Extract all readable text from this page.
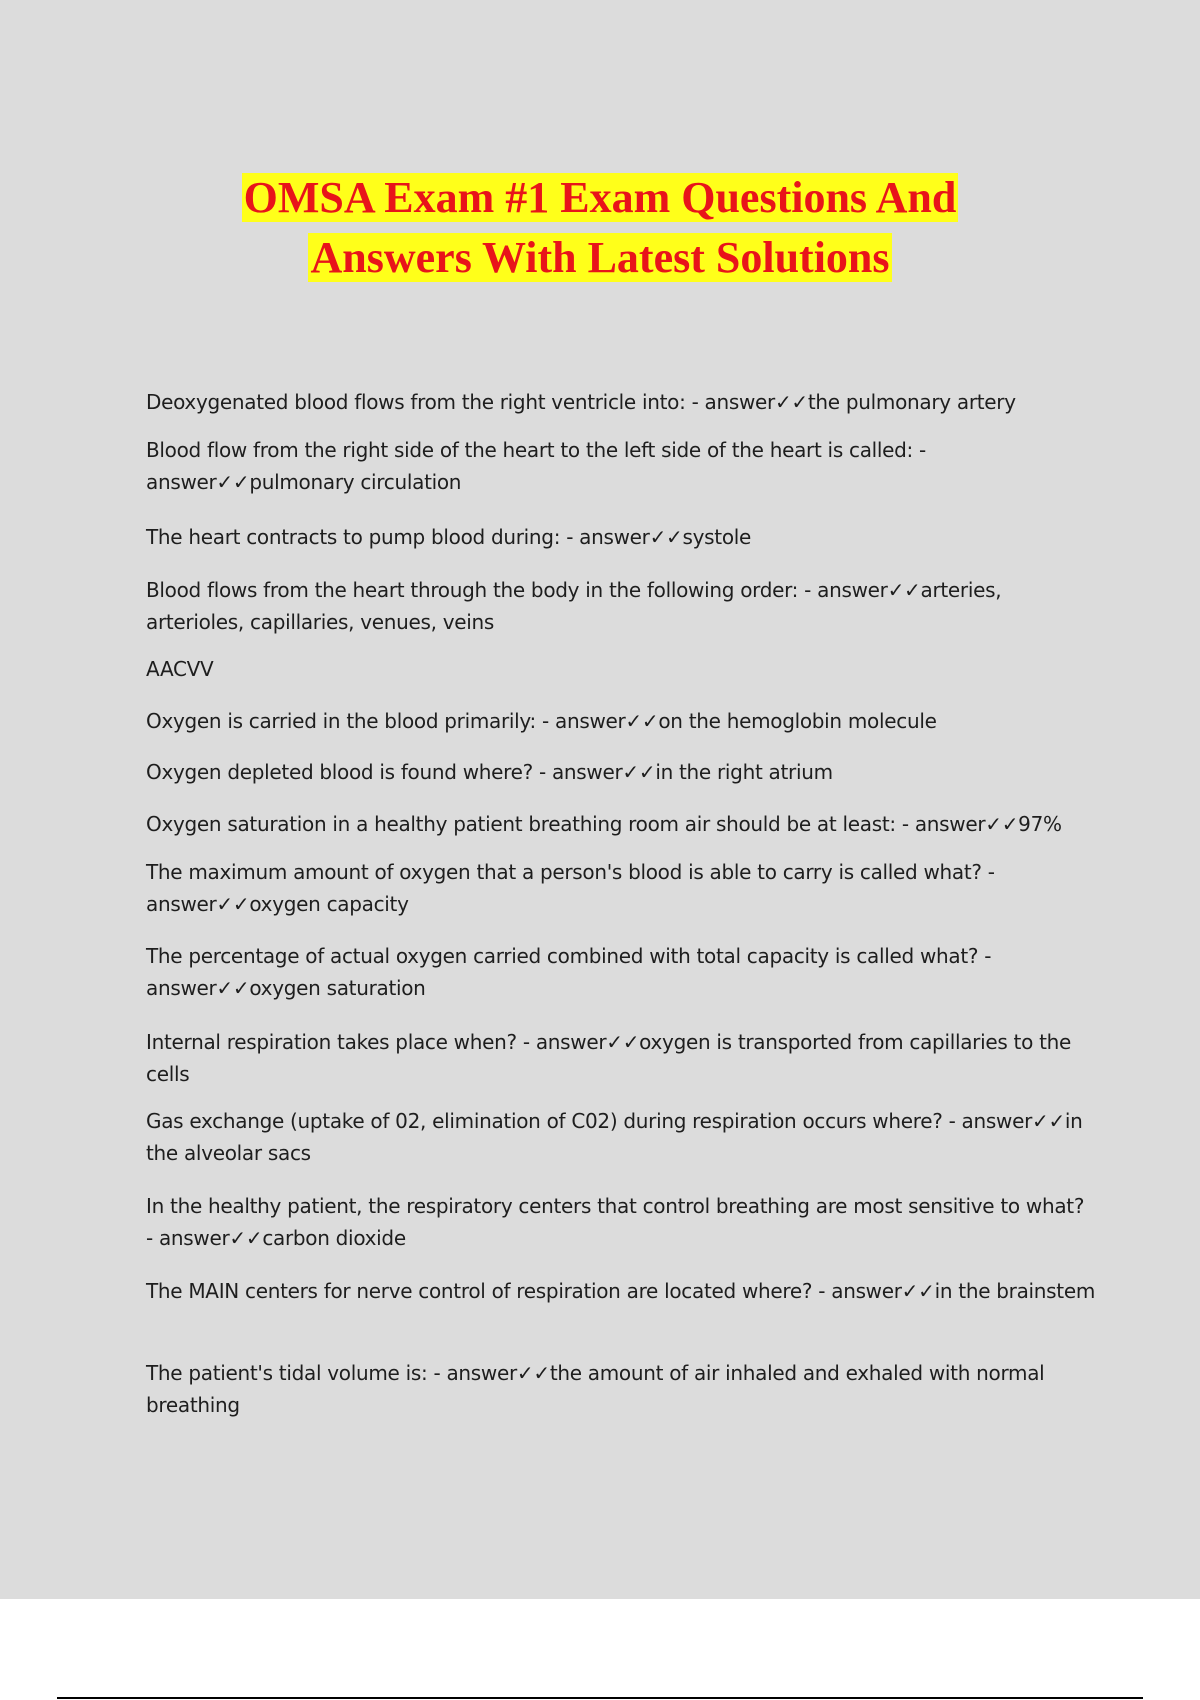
OMSA Exam #1 Exam Questions And
Answers With Latest Solutions

Deoxygenated blood flows from the right ventricle into: - answer✓✓the pulmonary artery

Blood flow from the right side of the heart to the left side of the heart is called: - answer✓✓pulmonary circulation

The heart contracts to pump blood during: - answer✓✓systole

Blood flows from the heart through the body in the following order: - answer✓✓arteries, arterioles, capillaries, venues, veins

AACVV

Oxygen is carried in the blood primarily: - answer✓✓on the hemoglobin molecule

Oxygen depleted blood is found where? - answer✓✓in the right atrium

Oxygen saturation in a healthy patient breathing room air should be at least: - answer✓✓97%

The maximum amount of oxygen that a person's blood is able to carry is called what? - answer✓✓oxygen capacity

The percentage of actual oxygen carried combined with total capacity is called what? - answer✓✓oxygen saturation

Internal respiration takes place when? - answer✓✓oxygen is transported from capillaries to the cells

Gas exchange (uptake of 02, elimination of C02) during respiration occurs where? - answer✓✓in the alveolar sacs

In the healthy patient, the respiratory centers that control breathing are most sensitive to what? - answer✓✓carbon dioxide

The MAIN centers for nerve control of respiration are located where? - answer✓✓in the brainstem

The patient's tidal volume is: - answer✓✓the amount of air inhaled and exhaled with normal breathing
